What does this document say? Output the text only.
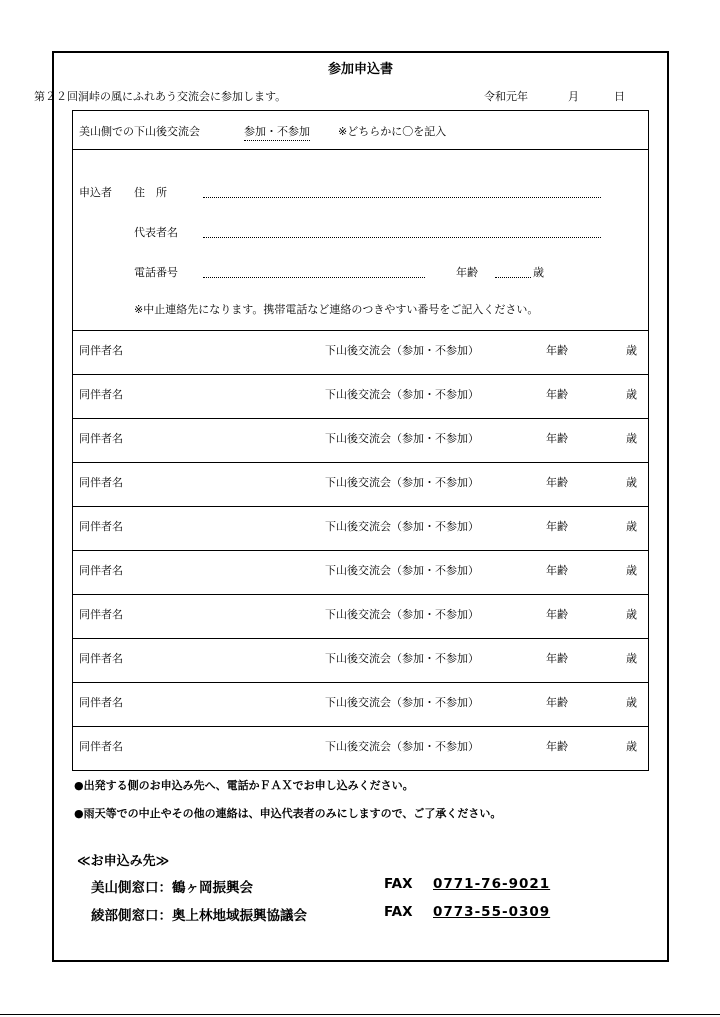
参加申込書
第２２回洞峠の風にふれあう交流会に参加します。	令和元年	月	日
美山側での下山後交流会	参加・不参加	※どちらかに〇を記入
申込者 住　所
代表者名
電話番号	年齢	歳
※中止連絡先になります。携帯電話など連絡のつきやすい番号をご記入ください。
同伴者名	下山後交流会（参加・不参加）	年齢	歳
同伴者名	下山後交流会（参加・不参加）	年齢	歳
同伴者名	下山後交流会（参加・不参加）	年齢	歳
同伴者名	下山後交流会（参加・不参加）	年齢	歳
同伴者名	下山後交流会（参加・不参加）	年齢	歳
同伴者名	下山後交流会（参加・不参加）	年齢	歳
同伴者名	下山後交流会（参加・不参加）	年齢	歳
同伴者名	下山後交流会（参加・不参加）	年齢	歳
同伴者名	下山後交流会（参加・不参加）	年齢	歳
同伴者名	下山後交流会（参加・不参加）	年齢	歳
●出発する側のお申込み先へ、電話かＦＡＸでお申し込みください。
●雨天等での中止やその他の連絡は、申込代表者のみにしますので、ご了承ください。
≪お申込み先≫
美山側窓口：鶴ヶ岡振興会	FAX 0771-76-9021
綾部側窓口：奥上林地域振興協議会	FAX 0773-55-0309
